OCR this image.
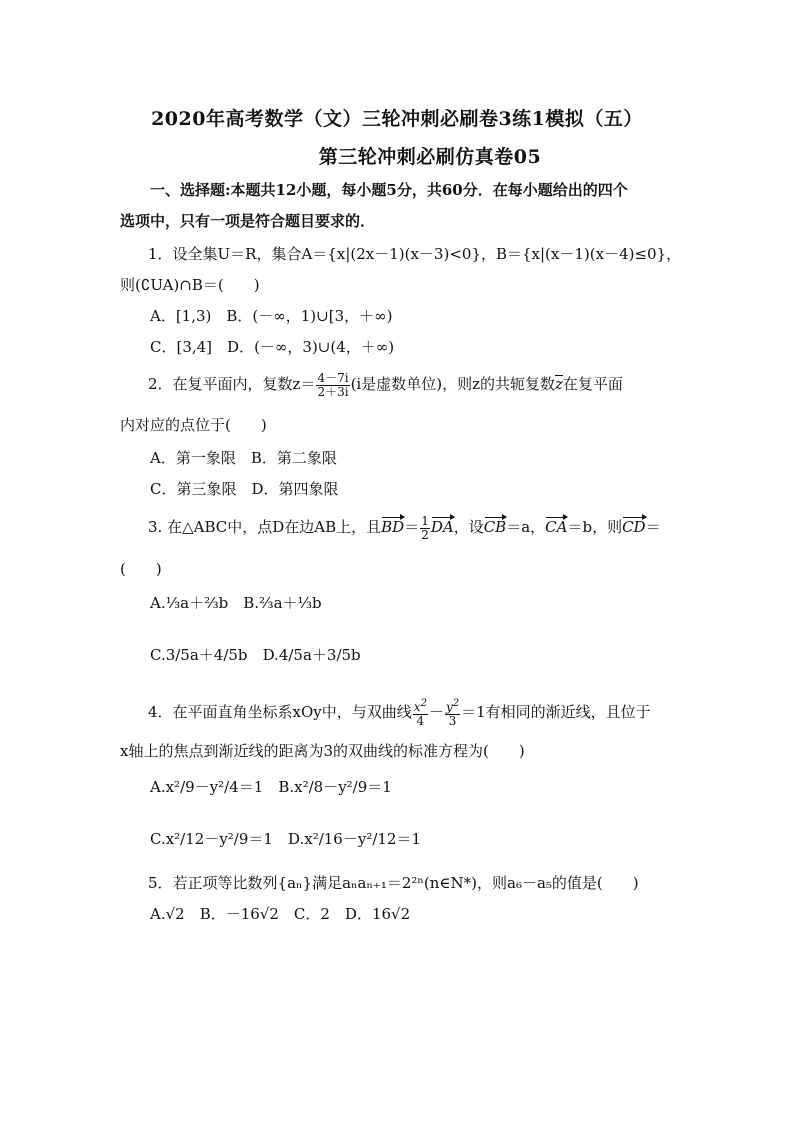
2020年高考数学（文）三轮冲刺必刷卷3练1模拟（五）
第三轮冲刺必刷仿真卷05
一、选择题:本题共12小题，每小题5分，共60分．在每小题给出的四个
选项中，只有一项是符合题目要求的．
1．设全集U＝R，集合A＝{x|(2x－1)(x－3)<0}，B＝{x|(x－1)(x－4)≤0}，
则(∁UA)∩B＝(　　)
A．[1,3)　B．(－∞，1)∪[3，＋∞)
C．[3,4]　D．(－∞，3)∪(4，＋∞)
2．在复平面内，复数$z= \frac{4-7i}{2+3i} (i$是虚数单位)，则z的共轭复数z在复平面
内对应的点位于(　　)
A．第一象限　B．第二象限
C．第三象限　D．第四象限
3. 在△ABC中，点D在边AB上，且$BD= \frac{1}{2}$ DA，设CB＝a，CA＝b，则CD＝
(　　)
A.⅓a＋⅔b　 B.⅔a＋⅓b
C.3/5a＋4/5b　 D.4/5a＋3/5b
4．在平面直角坐标系xOy中，与双曲线 $\frac{x^2}{4} - \frac{y^2}{3} =1$有相同的渐近线，且位于
x轴上的焦点到渐近线的距离为3的双曲线的标准方程为(　　)
A.x²/9－y²/4＝1　 B.x²/8－y²/9＝1
C.x²/12－y²/9＝1　 D.x²/16－y²/12＝1
5．若正项等比数列{aₙ}满足aₙaₙ₊₁＝2²ⁿ(n∈N*)，则a₆－a₅的值是(　　)
A.√2　B．－16√2　C．2　D．16√2
